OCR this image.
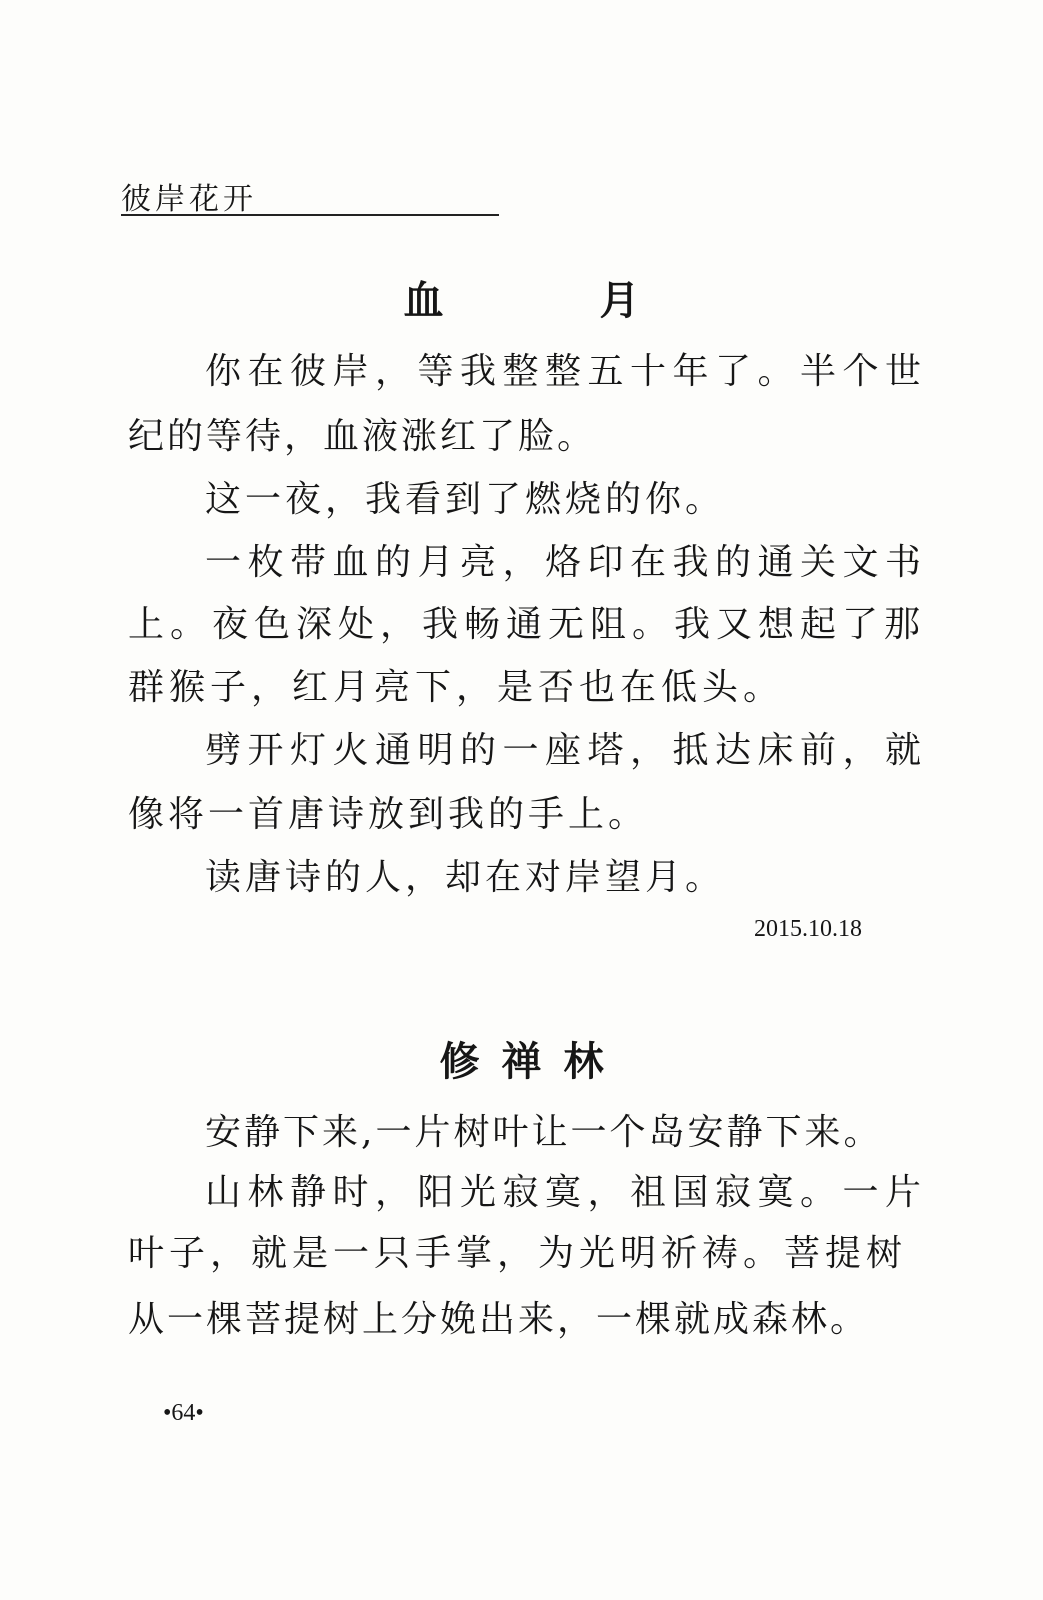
彼岸花开
血　月
你在彼岸，等我整整五十年了。半个世
纪的等待，血液涨红了脸。
这一夜，我看到了燃烧的你。
一枚带血的月亮，烙印在我的通关文书
上。夜色深处，我畅通无阻。我又想起了那
群猴子，红月亮下，是否也在低头。
劈开灯火通明的一座塔，抵达床前，就
像将一首唐诗放到我的手上。
读唐诗的人，却在对岸望月。
2015.10.18
修禅林
安静下来,一片树叶让一个岛安静下来。
山林静时，阳光寂寞，祖国寂寞。一片
叶子，就是一只手掌，为光明祈祷。菩提树
从一棵菩提树上分娩出来，一棵就成森林。
•64•
